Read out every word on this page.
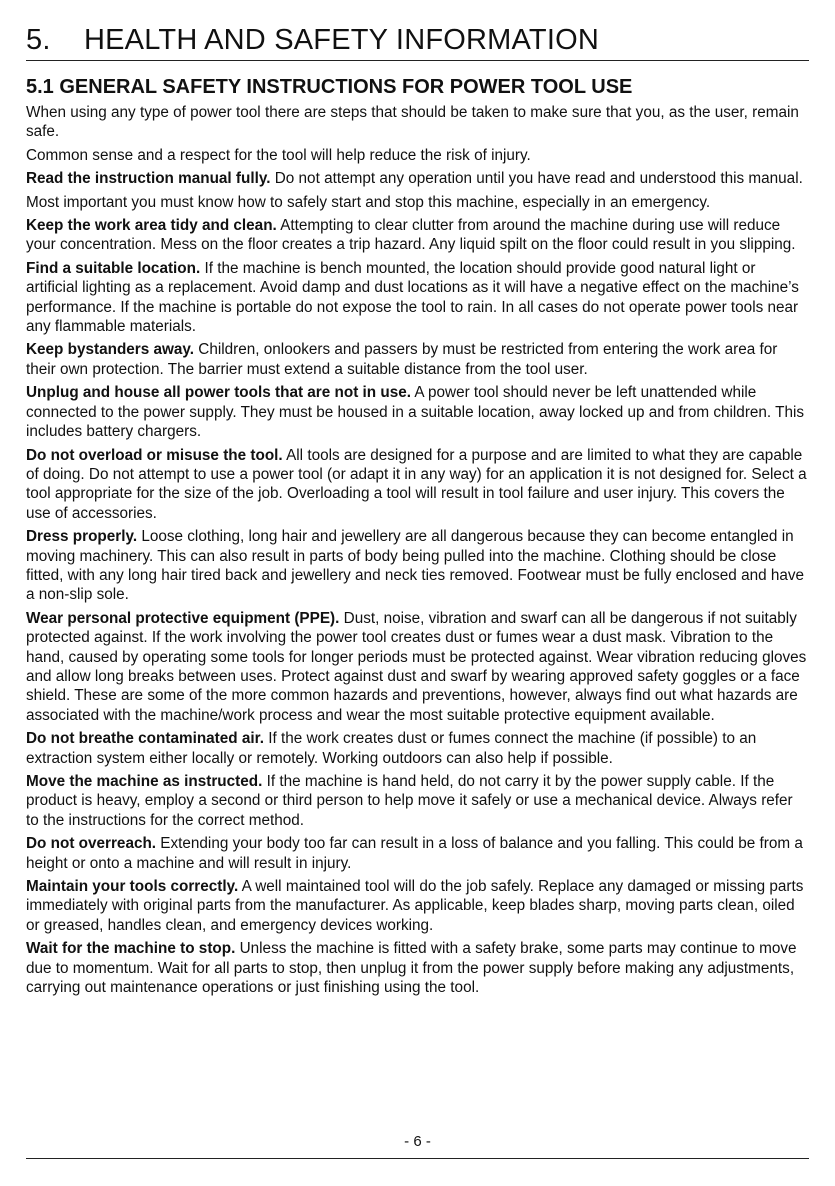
5.	HEALTH AND SAFETY INFORMATION
5.1 GENERAL SAFETY INSTRUCTIONS FOR POWER TOOL USE

When using any type of power tool there are steps that should be taken to make sure that you, as the user, remain safe.

Common sense and a respect for the tool will help reduce the risk of injury.

Read the instruction manual fully. Do not attempt any operation until you have read and understood this manual.

Most important you must know how to safely start and stop this machine, especially in an emergency.

Keep the work area tidy and clean. Attempting to clear clutter from around the machine during use will reduce your concentration. Mess on the floor creates a trip hazard. Any liquid spilt on the floor could result in you slipping.

Find a suitable location. If the machine is bench mounted, the location should provide good natural light or artificial lighting as a replacement. Avoid damp and dust locations as it will have a negative effect on the machine’s performance. If the machine is portable do not expose the tool to rain. In all cases do not operate power tools near any flammable materials.

Keep bystanders away. Children, onlookers and passers by must be restricted from entering the work area for their own protection. The barrier must extend a suitable distance from the tool user.

Unplug and house all power tools that are not in use. A power tool should never be left unattended while connected to the power supply. They must be housed in a suitable location, away locked up and from children. This includes battery chargers.

Do not overload or misuse the tool. All tools are designed for a purpose and are limited to what they are capable of doing. Do not attempt to use a power tool (or adapt it in any way) for an application it is not designed for. Select a tool appropriate for the size of the job. Overloading a tool will result in tool failure and user injury. This covers the use of accessories.

Dress properly. Loose clothing, long hair and jewellery are all dangerous because they can become entangled in moving machinery. This can also result in parts of body being pulled into the machine. Clothing should be close fitted, with any long hair tired back and jewellery and neck ties removed. Footwear must be fully enclosed and have a non-slip sole.

Wear personal protective equipment (PPE). Dust, noise, vibration and swarf can all be dangerous if not suitably protected against. If the work involving the power tool creates dust or fumes wear a dust mask. Vibration to the hand, caused by operating some tools for longer periods must be protected against. Wear vibration reducing gloves and allow long breaks between uses. Protect against dust and swarf by wearing approved safety goggles or a face shield. These are some of the more common hazards and preventions, however, always find out what hazards are associated with the machine/work process and wear the most suitable protective equipment available.

Do not breathe contaminated air. If the work creates dust or fumes connect the machine (if possible) to an extraction system either locally or remotely. Working outdoors can also help if possible.

Move the machine as instructed. If the machine is hand held, do not carry it by the power supply cable. If the product is heavy, employ a second or third person to help move it safely or use a mechanical device. Always refer to the instructions for the correct method.

Do not overreach. Extending your body too far can result in a loss of balance and you falling. This could be from a height or onto a machine and will result in injury.

Maintain your tools correctly. A well maintained tool will do the job safely. Replace any damaged or missing parts immediately with original parts from the manufacturer. As applicable, keep blades sharp, moving parts clean, oiled or greased, handles clean, and emergency devices working.

Wait for the machine to stop. Unless the machine is fitted with a safety brake, some parts may continue to move due to momentum. Wait for all parts to stop, then unplug it from the power supply before making any adjustments, carrying out maintenance operations or just finishing using the tool.

- 6 -
